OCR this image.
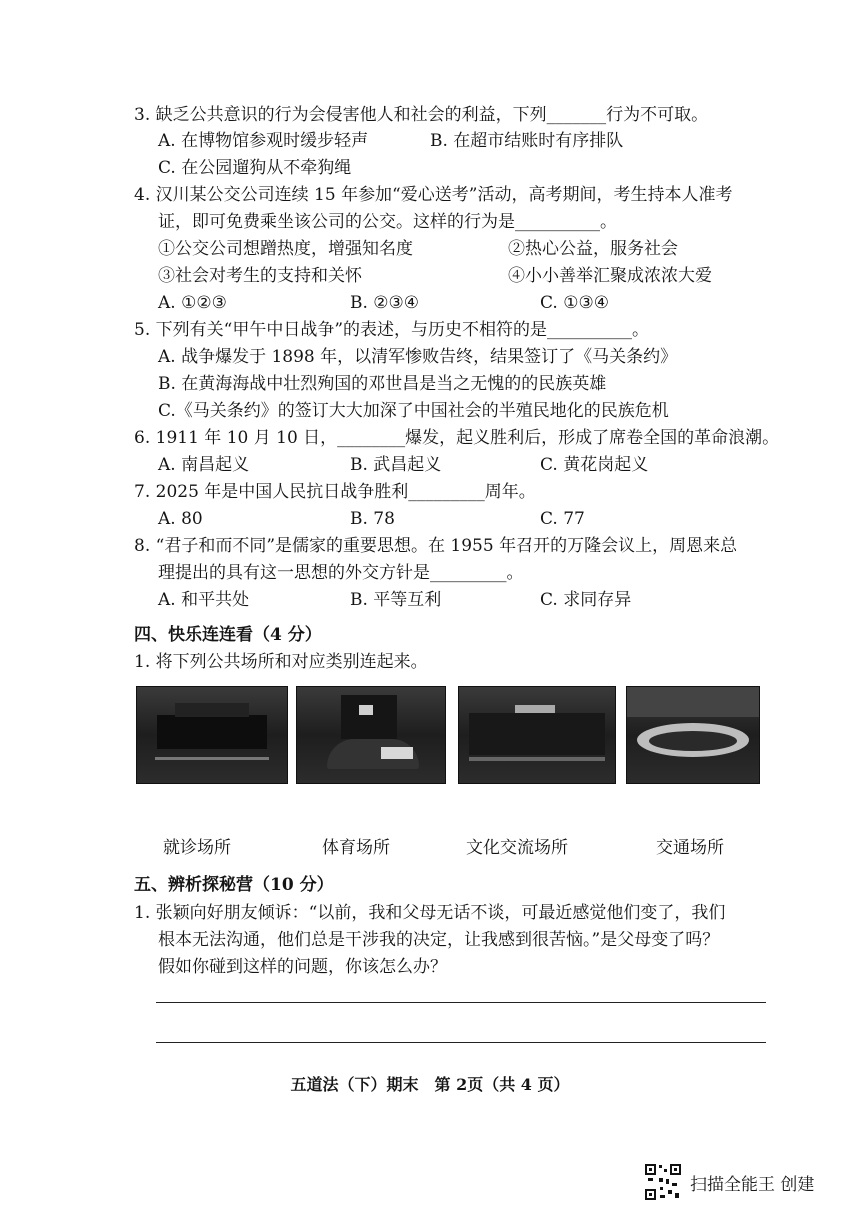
3. 缺乏公共意识的行为会侵害他人和社会的利益，下列_______行为不可取。
A. 在博物馆参观时缓步轻声	B. 在超市结账时有序排队
C. 在公园遛狗从不牵狗绳
4. 汉川某公交公司连续 15 年参加“爱心送考”活动，高考期间，考生持本人准考
证，即可免费乘坐该公司的公交。这样的行为是__________。
①公交公司想蹭热度，增强知名度	②热心公益，服务社会
③社会对考生的支持和关怀	④小小善举汇聚成浓浓大爱
A. ①②③	B. ②③④	C. ①③④
5. 下列有关“甲午中日战争”的表述，与历史不相符的是__________。
A. 战争爆发于 1898 年，以清军惨败告终，结果签订了《马关条约》
B. 在黄海海战中壮烈殉国的邓世昌是当之无愧的的民族英雄
C.《马关条约》的签订大大加深了中国社会的半殖民地化的民族危机
6. 1911 年 10 月 10 日，________爆发，起义胜利后，形成了席卷全国的革命浪潮。
A. 南昌起义	B. 武昌起义	C. 黄花岗起义
7. 2025 年是中国人民抗日战争胜利_________周年。
A. 80	B. 78	C. 77
8. “君子和而不同”是儒家的重要思想。在 1955 年召开的万隆会议上，周恩来总
理提出的具有这一思想的外交方针是_________。
A. 和平共处	B. 平等互利	C. 求同存异
四、快乐连连看（4 分）
1. 将下列公共场所和对应类别连起来。
就诊场所	体育场所	文化交流场所	交通场所
五、辨析探秘营（10 分）
1. 张颖向好朋友倾诉：“以前，我和父母无话不谈，可最近感觉他们变了，我们
根本无法沟通，他们总是干涉我的决定，让我感到很苦恼。”是父母变了吗？
假如你碰到这样的问题，你该怎么办？
五道法（下）期末　第 2页（共 4 页）
扫描全能王 创建
